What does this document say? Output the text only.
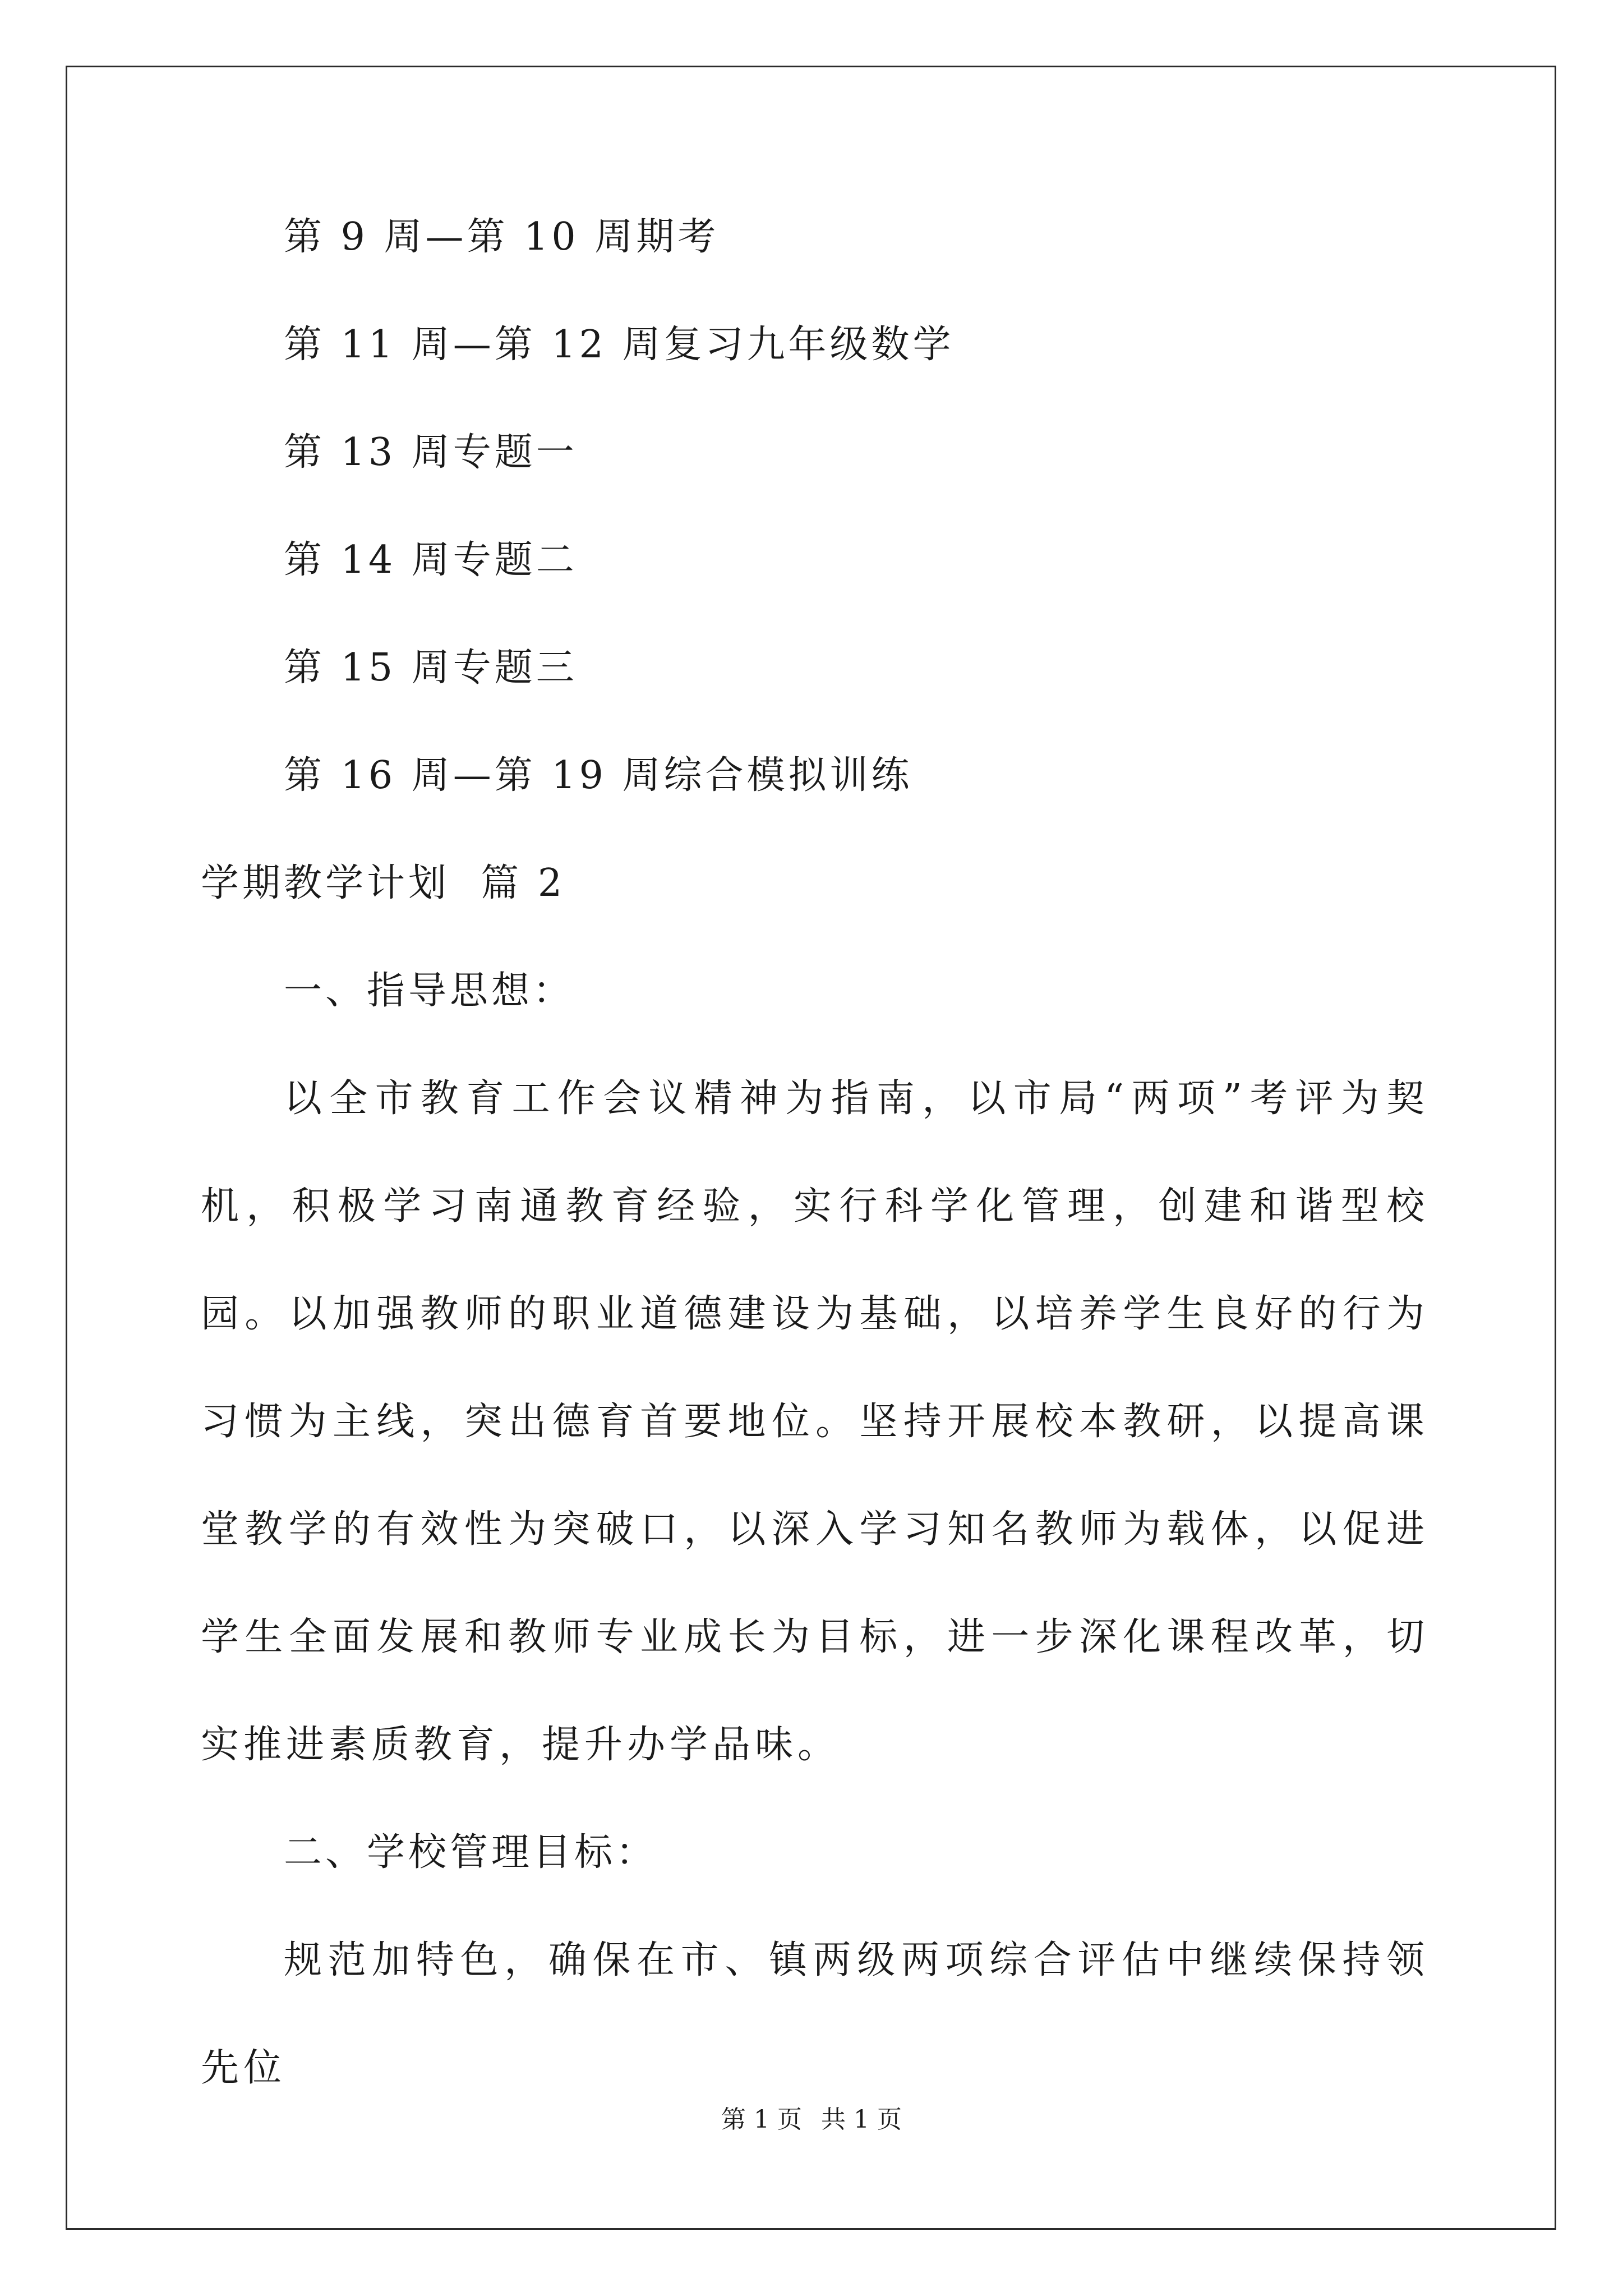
第 9 周—第 10 周期考
第 11 周—第 12 周复习九年级数学
第 13 周专题一
第 14 周专题二
第 15 周专题三
第 16 周—第 19 周综合模拟训练
学期教学计划  篇 2
一、指导思想：
以全市教育工作会议精神为指南，以市局“两项”考评为契机，积极学习南通教育经验，实行科学化管理，创建和谐型校园。以加强教师的职业道德建设为基础，以培养学生良好的行为习惯为主线，突出德育首要地位。坚持开展校本教研，以提高课堂教学的有效性为突破口，以深入学习知名教师为载体，以促进学生全面发展和教师专业成长为目标，进一步深化课程改革，切实推进素质教育，提升办学品味。
二、学校管理目标：
规范加特色，确保在市、镇两级两项综合评估中继续保持领先位
第 1 页 共 1 页
